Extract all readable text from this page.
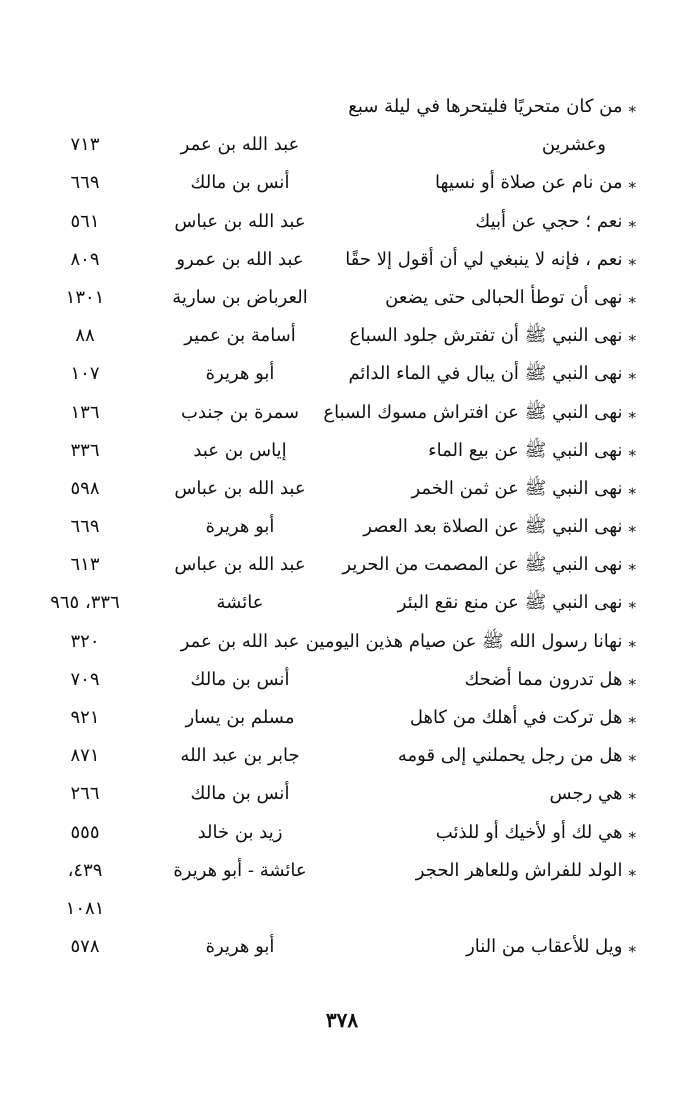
⁎من كان متحريًا فليتحرها في ليلة سبع
وعشرين
عبد الله بن عمر
٧١٣
⁎من نام عن صلاة أو نسيها
أنس بن مالك
٦٦٩
⁎نعم ؛ حجي عن أبيك
عبد الله بن عباس
٥٦١
⁎نعم ، فإنه لا ينبغي لي أن أقول إلا حقًا
عبد الله بن عمرو
٨٠٩
⁎نهى أن توطأ الحبالى حتى يضعن
العرباض بن سارية
١٣٠١
⁎نهى النبي ﷺ أن تفترش جلود السباع
أسامة بن عمير
٨٨
⁎نهى النبي ﷺ أن يبال في الماء الدائم
أبو هريرة
١٠٧
⁎نهى النبي ﷺ عن افتراش مسوك السباع
سمرة بن جندب
١٣٦
⁎نهى النبي ﷺ عن بيع الماء
إياس بن عبد
٣٣٦
⁎نهى النبي ﷺ عن ثمن الخمر
عبد الله بن عباس
٥٩٨
⁎نهى النبي ﷺ عن الصلاة بعد العصر
أبو هريرة
٦٦٩
⁎نهى النبي ﷺ عن المصمت من الحرير
عبد الله بن عباس
٦١٣
⁎نهى النبي ﷺ عن منع نقع البئر
عائشة
٣٣٦، ٩٦٥
⁎نهانا رسول الله ﷺ عن صيام هذين اليومين
عبد الله بن عمر
٣٢٠
⁎هل تدرون مما أضحك
أنس بن مالك
٧٠٩
⁎هل تركت في أهلك من كاهل
مسلم بن يسار
٩٢١
⁎هل من رجل يحملني إلى قومه
جابر بن عبد الله
٨٧١
⁎هي رجس
أنس بن مالك
٢٦٦
⁎هي لك أو لأخيك أو للذئب
زيد بن خالد
٥٥٥
⁎الولد للفراش وللعاهر الحجر
عائشة - أبو هريرة
٤٣٩،
١٠٨١
⁎ويل للأعقاب من النار
أبو هريرة
٥٧٨
٣٧٨
